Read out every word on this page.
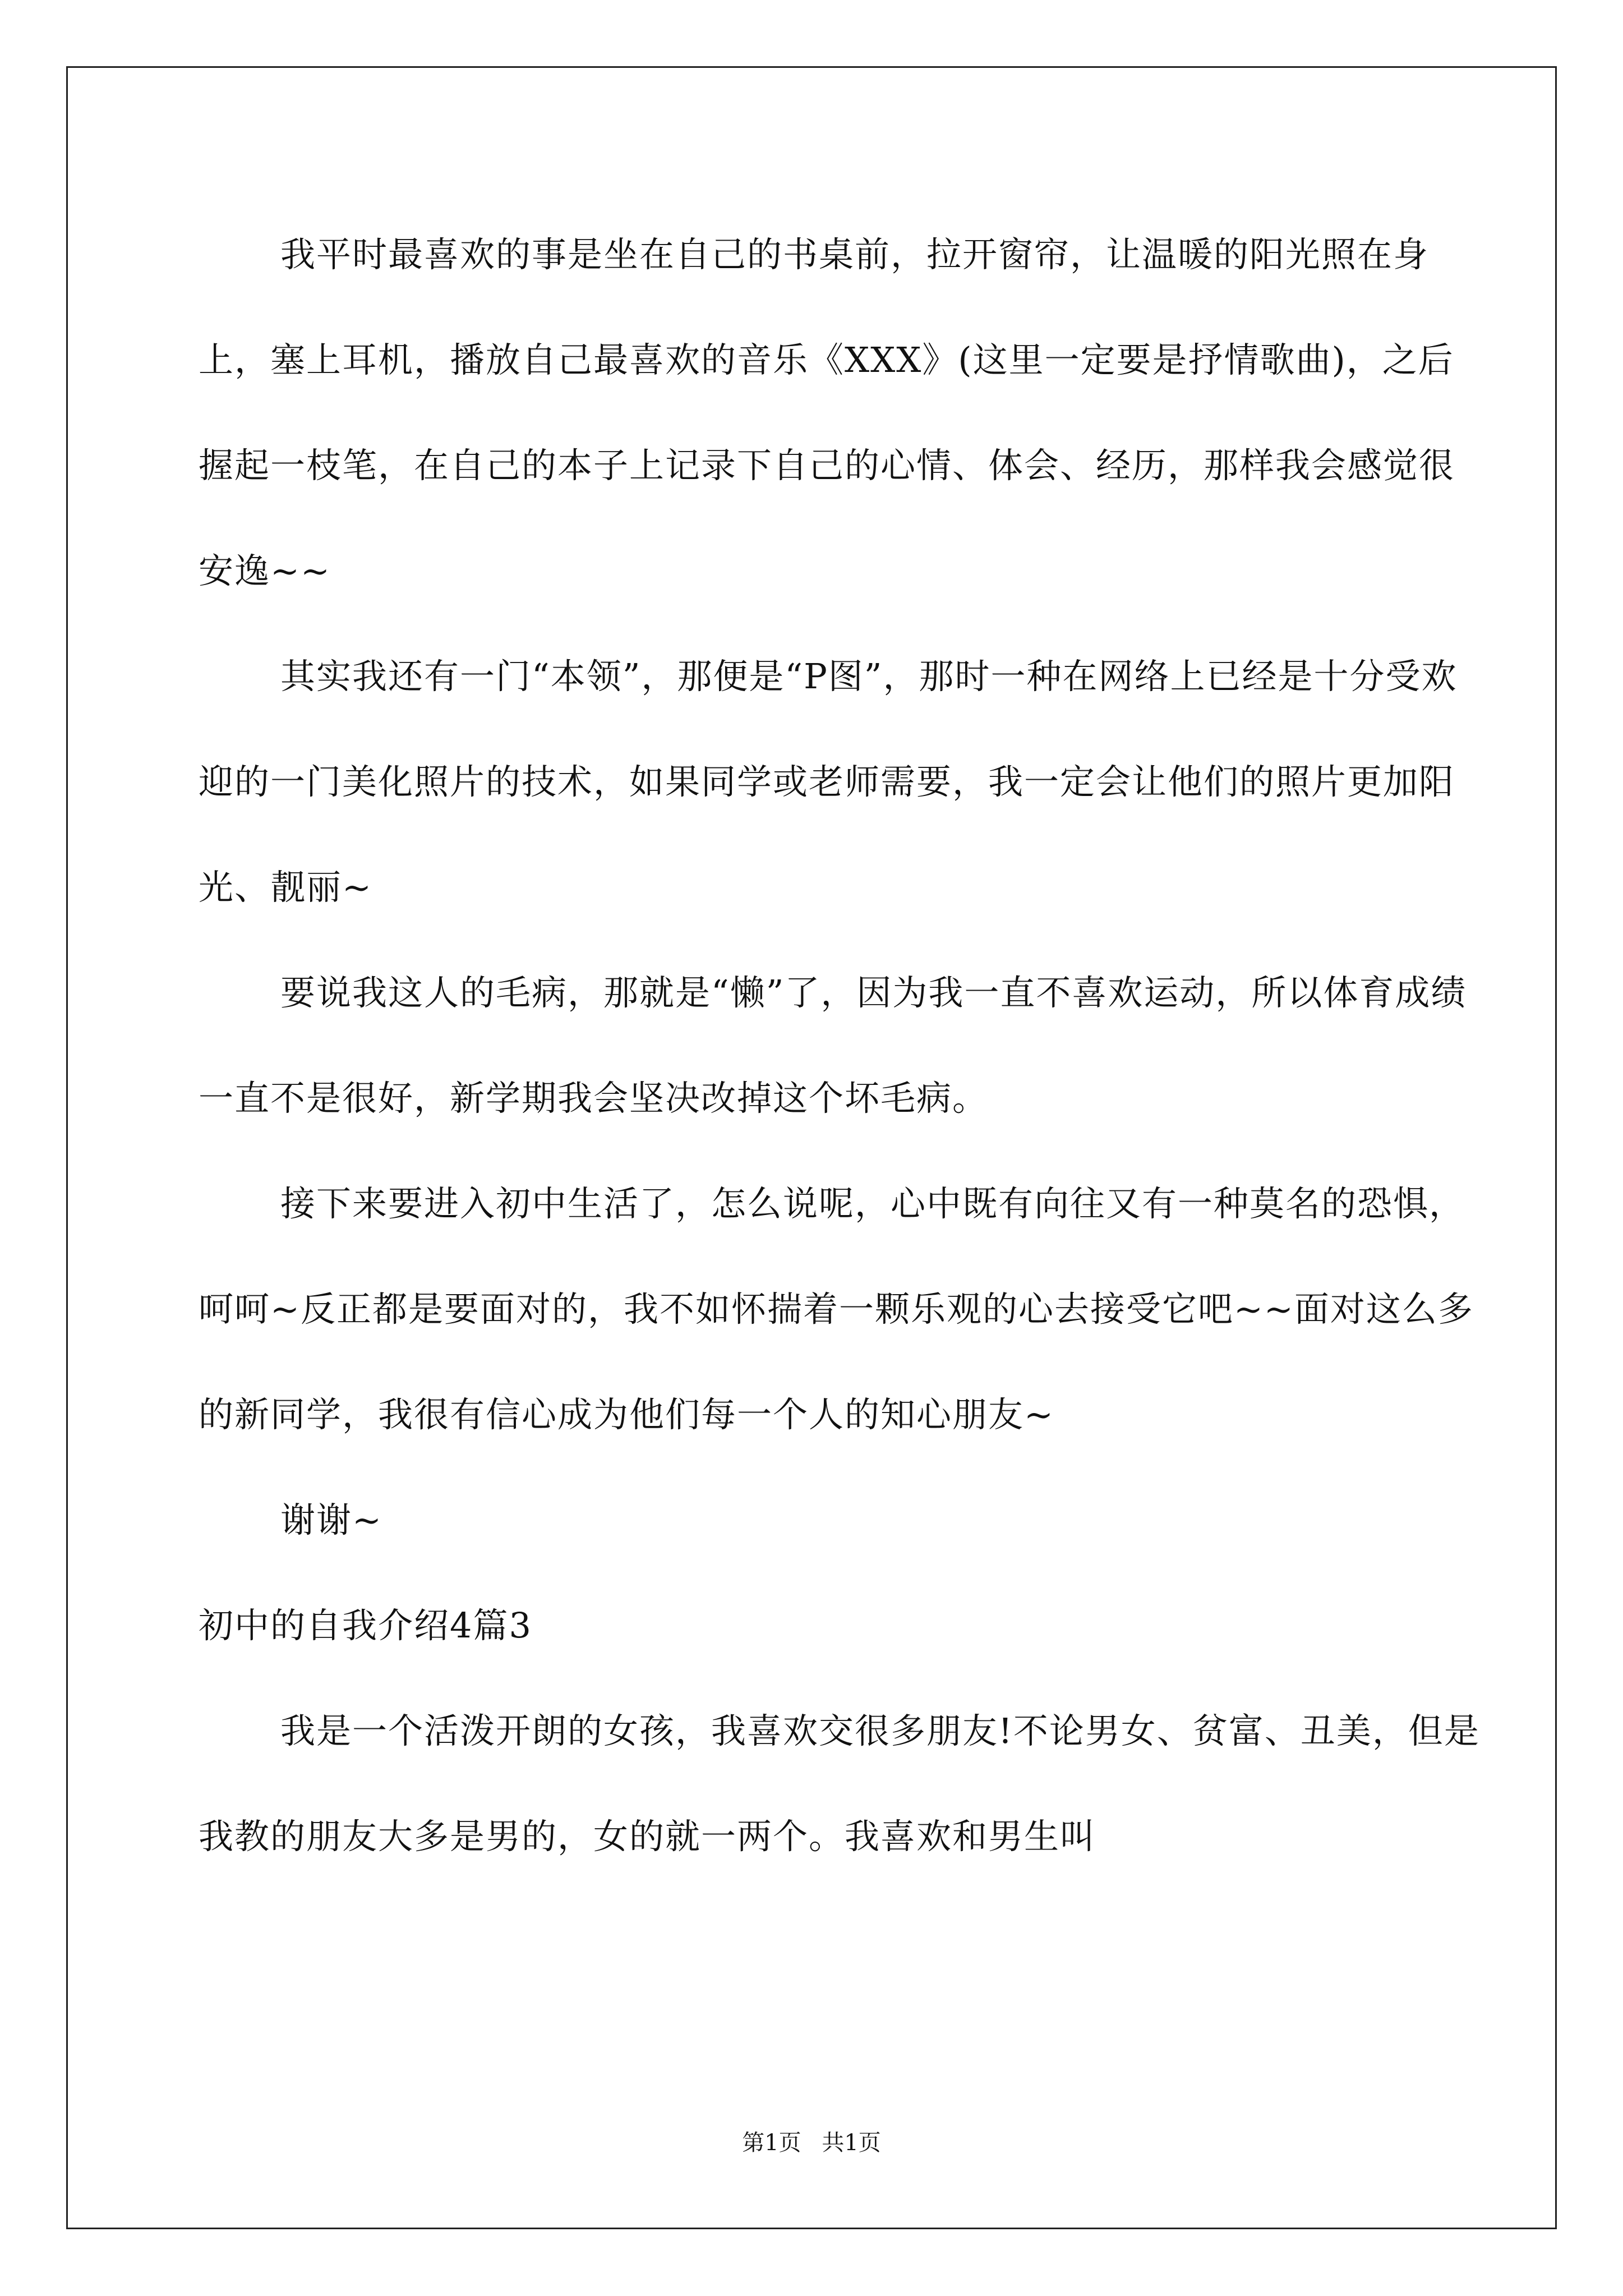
我平时最喜欢的事是坐在自己的书桌前，拉开窗帘，让温暖的阳光照在身上，塞上耳机，播放自己最喜欢的音乐《XXX》(这里一定要是抒情歌曲)，之后握起一枝笔，在自己的本子上记录下自己的心情、体会、经历，那样我会感觉很安逸~~

其实我还有一门“本领”，那便是“P图”，那时一种在网络上已经是十分受欢迎的一门美化照片的技术，如果同学或老师需要，我一定会让他们的照片更加阳光、靓丽~

要说我这人的毛病，那就是“懒”了，因为我一直不喜欢运动，所以体育成绩一直不是很好，新学期我会坚决改掉这个坏毛病。

接下来要进入初中生活了，怎么说呢，心中既有向往又有一种莫名的恐惧，呵呵~反正都是要面对的，我不如怀揣着一颗乐观的心去接受它吧~~面对这么多的新同学，我很有信心成为他们每一个人的知心朋友~

谢谢~

初中的自我介绍4篇3

我是一个活泼开朗的女孩，我喜欢交很多朋友!不论男女、贫富、丑美，但是我教的朋友大多是男的，女的就一两个。我喜欢和男生叫

第1页 共1页
